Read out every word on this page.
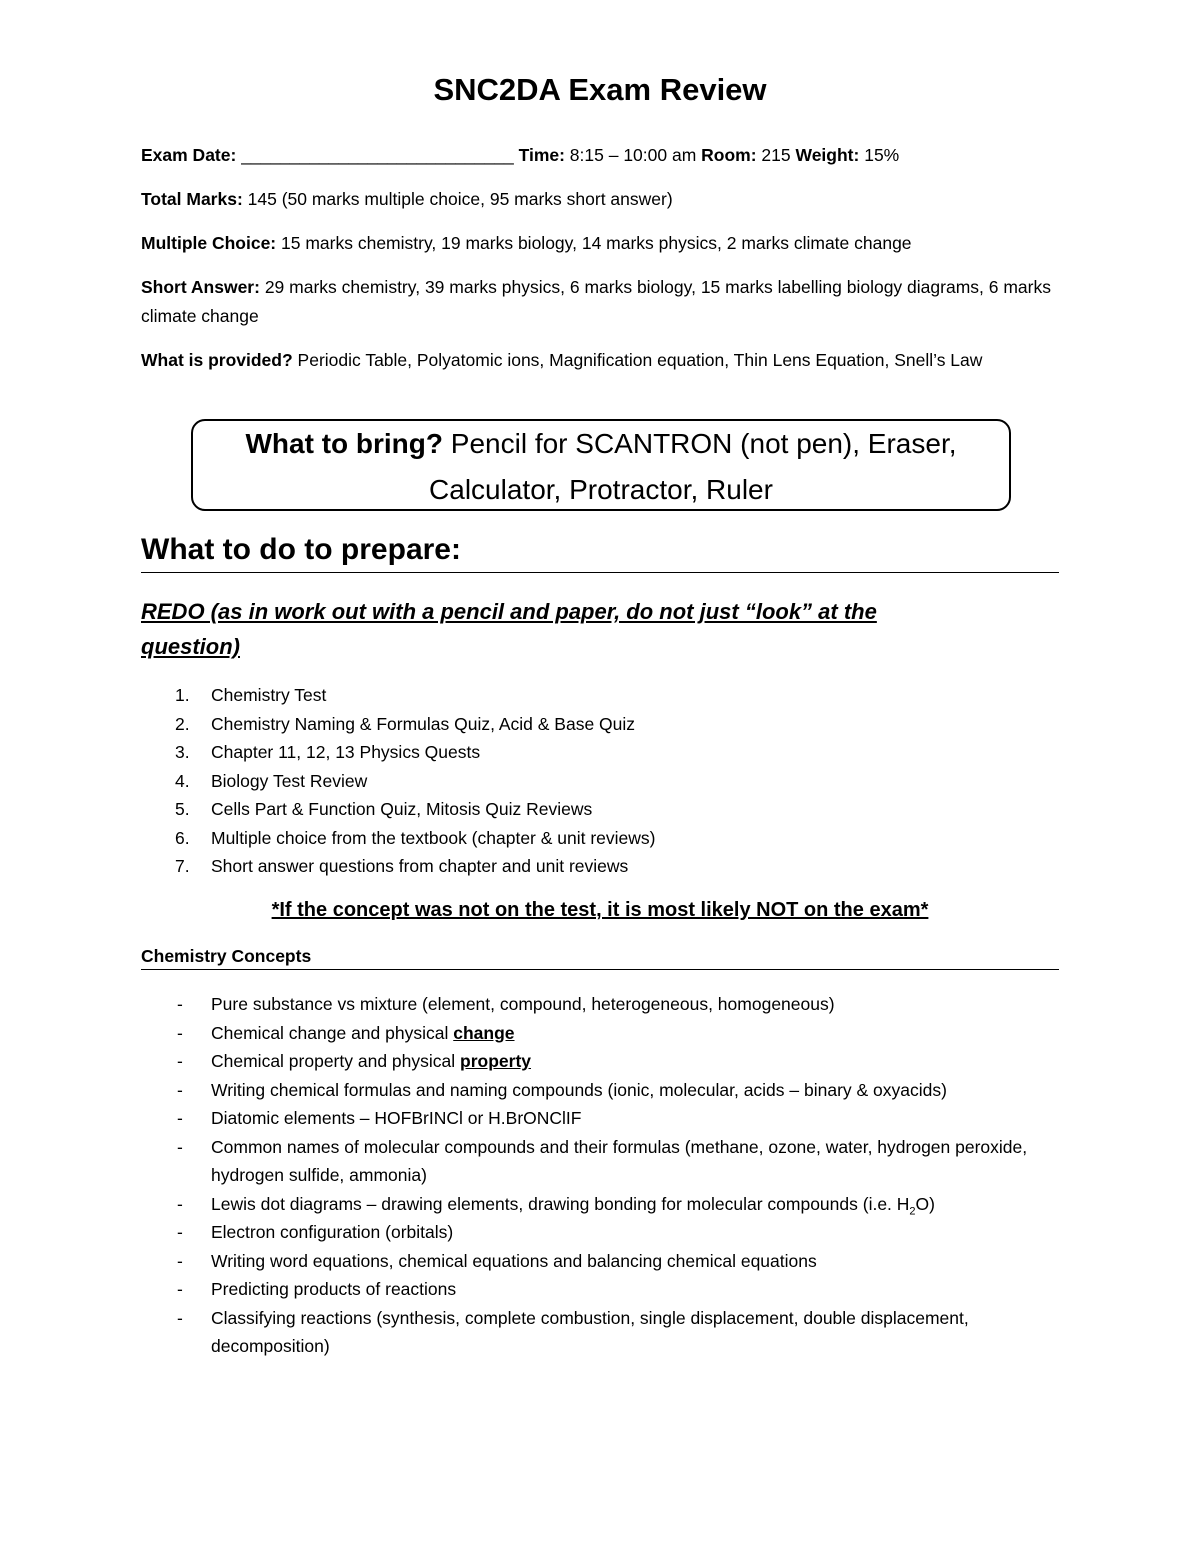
SNC2DA Exam Review
Exam Date: ____________________________ Time: 8:15 – 10:00 am Room: 215 Weight: 15%
Total Marks: 145 (50 marks multiple choice, 95 marks short answer)
Multiple Choice: 15 marks chemistry, 19 marks biology, 14 marks physics, 2 marks climate change
Short Answer: 29 marks chemistry, 39 marks physics, 6 marks biology, 15 marks labelling biology diagrams, 6 marks climate change
What is provided? Periodic Table, Polyatomic ions, Magnification equation, Thin Lens Equation, Snell’s Law
What to bring? Pencil for SCANTRON (not pen), Eraser, Calculator, Protractor, Ruler
What to do to prepare:
REDO (as in work out with a pencil and paper, do not just “look” at the question)
1. Chemistry Test
2. Chemistry Naming & Formulas Quiz, Acid & Base Quiz
3. Chapter 11, 12, 13 Physics Quests
4. Biology Test Review
5. Cells Part & Function Quiz, Mitosis Quiz Reviews
6. Multiple choice from the textbook (chapter & unit reviews)
7. Short answer questions from chapter and unit reviews
*If the concept was not on the test, it is most likely NOT on the exam*
Chemistry Concepts
- Pure substance vs mixture (element, compound, heterogeneous, homogeneous)
- Chemical change and physical change
- Chemical property and physical property
- Writing chemical formulas and naming compounds (ionic, molecular, acids – binary & oxyacids)
- Diatomic elements – HOFBrINCl or H.BrONClIF
- Common names of molecular compounds and their formulas (methane, ozone, water, hydrogen peroxide, hydrogen sulfide, ammonia)
- Lewis dot diagrams – drawing elements, drawing bonding for molecular compounds (i.e. $H_2O$)
- Electron configuration (orbitals)
- Writing word equations, chemical equations and balancing chemical equations
- Predicting products of reactions
- Classifying reactions (synthesis, complete combustion, single displacement, double displacement, decomposition)
